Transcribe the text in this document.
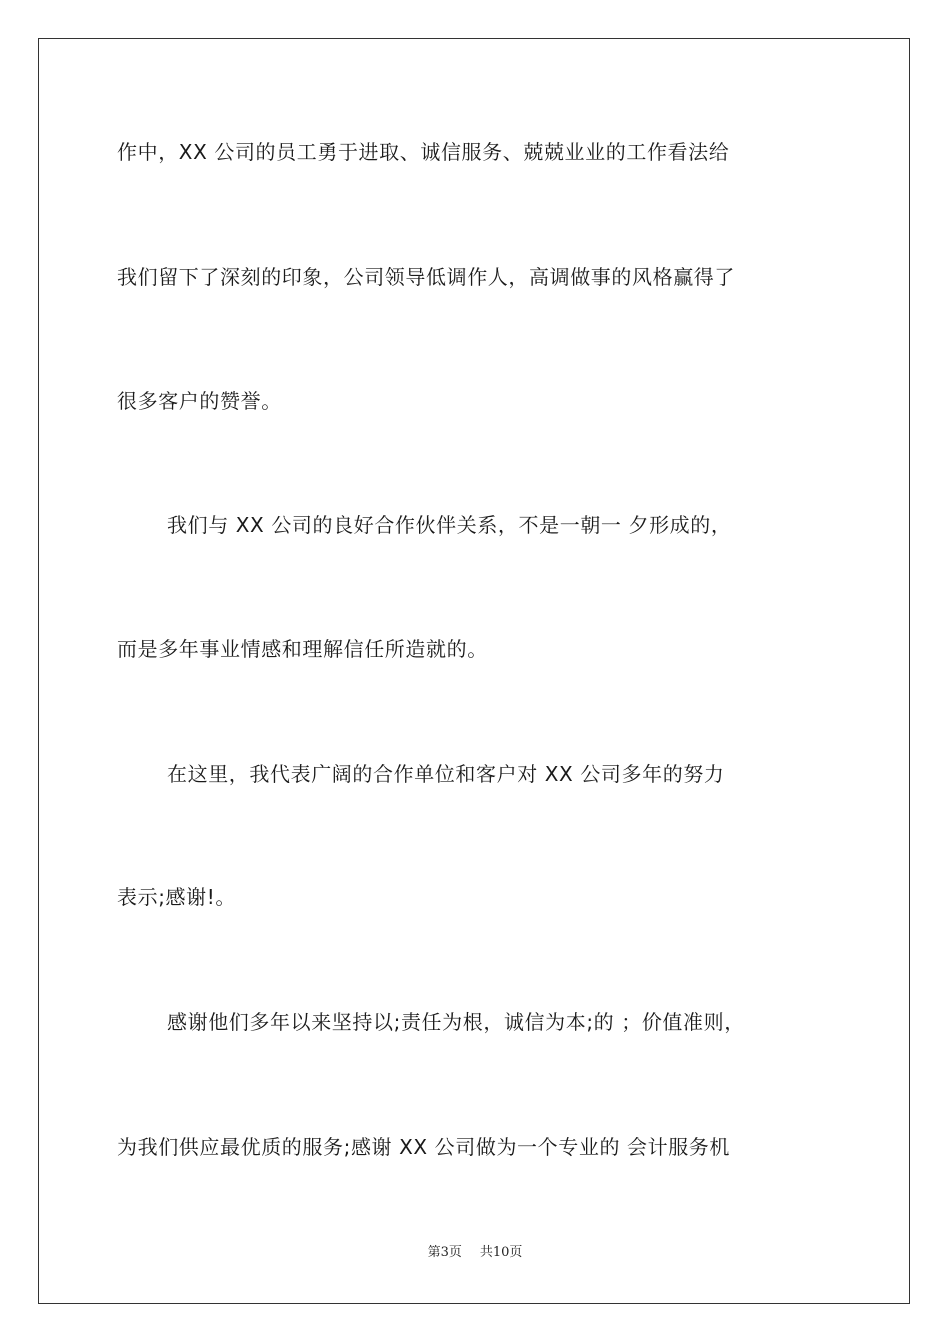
作中，XX 公司的员工勇于进取、诚信服务、兢兢业业的工作看法给
我们留下了深刻的印象，公司领导低调作人，高调做事的风格赢得了
很多客户的赞誉。
我们与 XX 公司的良好合作伙伴关系，不是一朝一 夕形成的，
而是多年事业情感和理解信任所造就的。
在这里，我代表广阔的合作单位和客户对 XX 公司多年的努力
表示;感谢!。
感谢他们多年以来坚持以;责任为根，诚信为本;的 ；价值准则，
为我们供应最优质的服务;感谢 XX 公司做为一个专业的 会计服务机
第3页 共10页
